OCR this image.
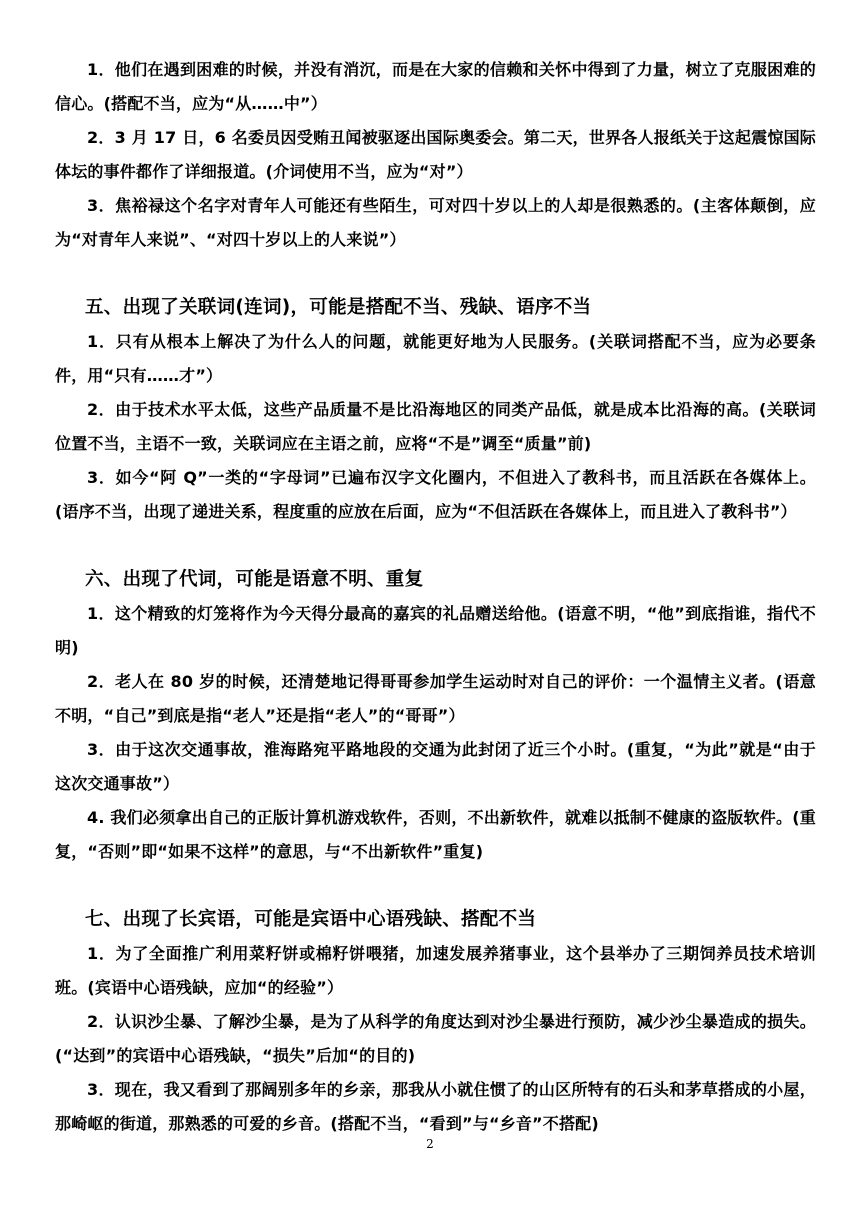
1．他们在遇到困难的时候，并没有消沉，而是在大家的信赖和关怀中得到了力量，树立了克服困难的信心。(搭配不当，应为“从……中”）

2．3 月 17 日，6 名委员因受贿丑闻被驱逐出国际奥委会。第二天，世界各人报纸关于这起震惊国际体坛的事件都作了详细报道。(介词使用不当，应为“对”）

3．焦裕禄这个名字对青年人可能还有些陌生，可对四十岁以上的人却是很熟悉的。(主客体颠倒，应为“对青年人来说”、“对四十岁以上的人来说”）

五、出现了关联词(连词)，可能是搭配不当、残缺、语序不当

1．只有从根本上解决了为什么人的问题，就能更好地为人民服务。(关联词搭配不当，应为必要条件，用“只有……才”）

2．由于技术水平太低，这些产品质量不是比沿海地区的同类产品低，就是成本比沿海的高。(关联词位置不当，主语不一致，关联词应在主语之前，应将“不是”调至“质量”前)

3．如今“阿 Q”一类的“字母词”已遍布汉字文化圈内，不但进入了教科书，而且活跃在各媒体上。(语序不当，出现了递进关系，程度重的应放在后面，应为“不但活跃在各媒体上，而且进入了教科书”）

六、出现了代词，可能是语意不明、重复

1．这个精致的灯笼将作为今天得分最高的嘉宾的礼品赠送给他。(语意不明，“他”到底指谁，指代不明)

2．老人在 80 岁的时候，还清楚地记得哥哥参加学生运动时对自己的评价：一个温情主义者。(语意不明，“自己”到底是指“老人”还是指“老人”的“哥哥”）

3．由于这次交通事故，淮海路宛平路地段的交通为此封闭了近三个小时。(重复，“为此”就是“由于这次交通事故”）

4. 我们必须拿出自己的正版计算机游戏软件，否则，不出新软件，就难以抵制不健康的盗版软件。(重复，“否则”即“如果不这样”的意思，与“不出新软件”重复)

七、出现了长宾语，可能是宾语中心语残缺、搭配不当

1．为了全面推广利用菜籽饼或棉籽饼喂猪，加速发展养猪事业，这个县举办了三期饲养员技术培训班。(宾语中心语残缺，应加“的经验”）

2．认识沙尘暴、了解沙尘暴，是为了从科学的角度达到对沙尘暴进行预防，减少沙尘暴造成的损失。(“达到”的宾语中心语残缺，“损失”后加“的目的)

3．现在，我又看到了那阔别多年的乡亲，那我从小就住惯了的山区所特有的石头和茅草搭成的小屋，那崎岖的街道，那熟悉的可爱的乡音。(搭配不当，“看到”与“乡音”不搭配)

2
